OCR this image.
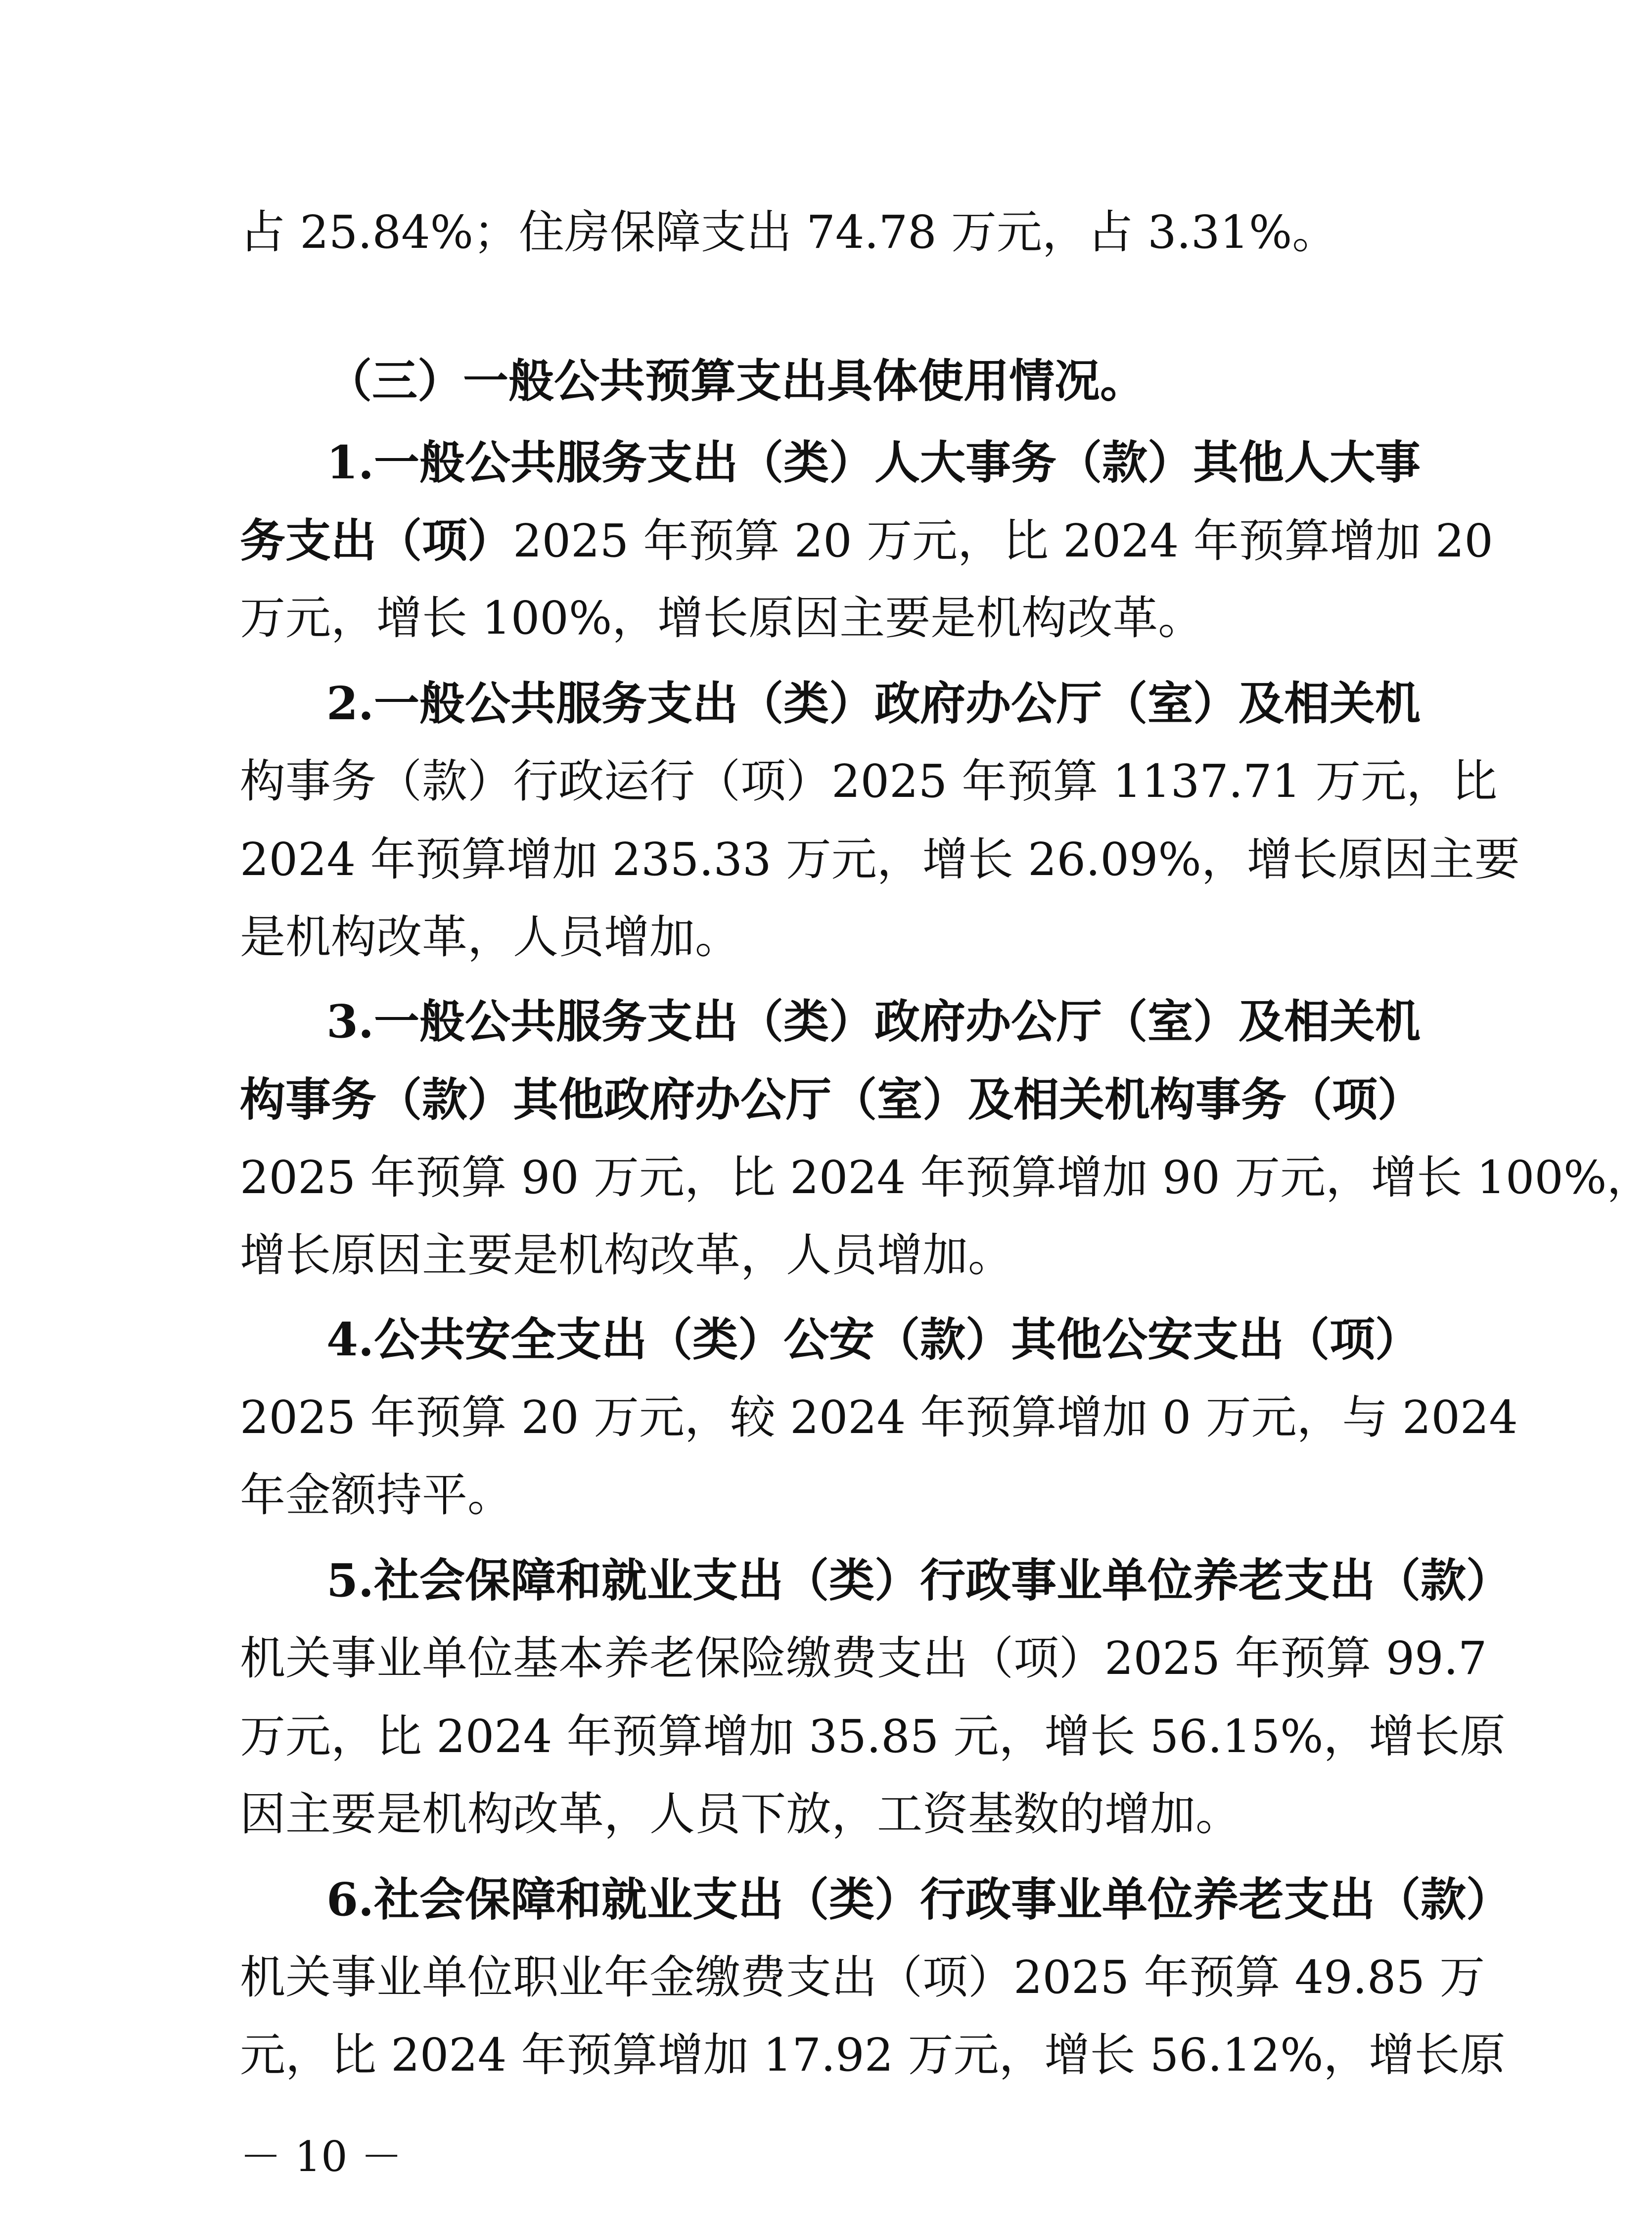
占 25.84%；住房保障支出 74.78 万元，占 3.31%。
（三）一般公共预算支出具体使用情况。
1.一般公共服务支出（类）人大事务（款）其他人大事
务支出（项）2025 年预算 20 万元，比 2024 年预算增加 20
万元，增长 100%，增长原因主要是机构改革。
2.一般公共服务支出（类）政府办公厅（室）及相关机
构事务（款）行政运行（项）2025 年预算 1137.71 万元，比
2024 年预算增加 235.33 万元，增长 26.09%，增长原因主要
是机构改革，人员增加。
3.一般公共服务支出（类）政府办公厅（室）及相关机
构事务（款）其他政府办公厅（室）及相关机构事务（项）
2025 年预算 90 万元，比 2024 年预算增加 90 万元，增长 100%，
增长原因主要是机构改革，人员增加。
4.公共安全支出（类）公安（款）其他公安支出（项）
2025 年预算 20 万元，较 2024 年预算增加 0 万元，与 2024
年金额持平。
5.社会保障和就业支出（类）行政事业单位养老支出（款）
机关事业单位基本养老保险缴费支出（项）2025 年预算 99.7
万元，比 2024 年预算增加 35.85 元，增长 56.15%，增长原
因主要是机构改革，人员下放，工资基数的增加。
6.社会保障和就业支出（类）行政事业单位养老支出（款）
机关事业单位职业年金缴费支出（项）2025 年预算 49.85 万
元，比 2024 年预算增加 17.92 万元，增长 56.12%，增长原
－ 10 －
